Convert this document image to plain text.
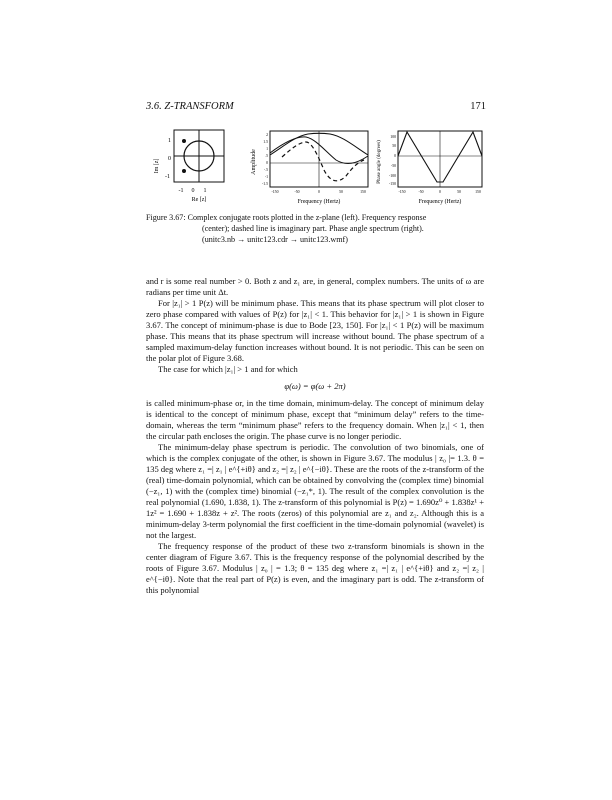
3.6. Z-TRANSFORM	171
Im [z]
1
0
-1
-1 0 1
Re [z]
Amplitude
2
1.5
1
.5
0
-.5
-1
-1.5
-150	-50	0	50	150
Frequency (Hertz)
Phase angle (degrees)
100
50
0
-50
-100
-150
-150	-50	0	50	150
Frequency (Hertz)
Figure 3.67: Complex conjugate roots plotted in the z-plane (left). Frequency response
(center); dashed line is imaginary part. Phase angle spectrum (right).
(unitc3.nb → unitc123.cdr → unitc123.wmf)

and r is some real number > 0. Both z and z₁ are, in general, complex numbers. The units of ω are radians per time unit Δt.

For |z₁| > 1 P(z) will be minimum phase. This means that its phase spectrum will plot closer to zero phase compared with values of P(z) for |z₁| < 1. This behavior for |z₁| > 1 is shown in Figure 3.67. The concept of minimum-phase is due to Bode [23, 150]. For |z₁| < 1 P(z) will be maximum phase. This means that its phase spectrum will increase without bound. The phase spectrum of a sampled maximum-delay function increases without bound. It is not periodic. This can be seen on the polar plot of Figure 3.68.

The case for which |z₁| > 1 and for which

φ(ω) = φ(ω + 2π)

is called minimum-phase or, in the time domain, minimum-delay. The concept of minimum delay is identical to the concept of minimum phase, except that “minimum delay” refers to the time-domain, whereas the term “minimum phase” refers to the frequency domain. When |z₁| < 1, then the circular path encloses the origin. The phase curve is no longer periodic.

The minimum-delay phase spectrum is periodic. The convolution of two binomials, one of which is the complex conjugate of the other, is shown in Figure 3.67. The modulus | z₀ |= 1.3. θ = 135 deg where z₁ =| z₁ | e^{+iθ} and z₂ =| z₂ | e^{−iθ}. These are the roots of the z-transform of the (real) time-domain polynomial, which can be obtained by convolving the (complex time) binomial (−z₁, 1) with the (complex time) binomial (−z₁*, 1). The result of the complex convolution is the real polynomial (1.690, 1.838, 1). The z-transform of this polynomial is P(z) = 1.690z⁰ + 1.838z¹ + 1z² = 1.690 + 1.838z + z². The roots (zeros) of this polynomial are z₁ and z₂. Although this is a minimum-delay 3-term polynomial the first coefficient in the time-domain polynomial (wavelet) is not the largest.

The frequency response of the product of these two z-transform binomials is shown in the center diagram of Figure 3.67. This is the frequency response of the polynomial described by the roots of Figure 3.67. Modulus | z₀ | = 1.3; θ = 135 deg where z₁ =| z₁ | e^{+iθ} and z₂ =| z₂ | e^{−iθ}. Note that the real part of P(z) is even, and the imaginary part is odd. The z-transform of this polynomial
